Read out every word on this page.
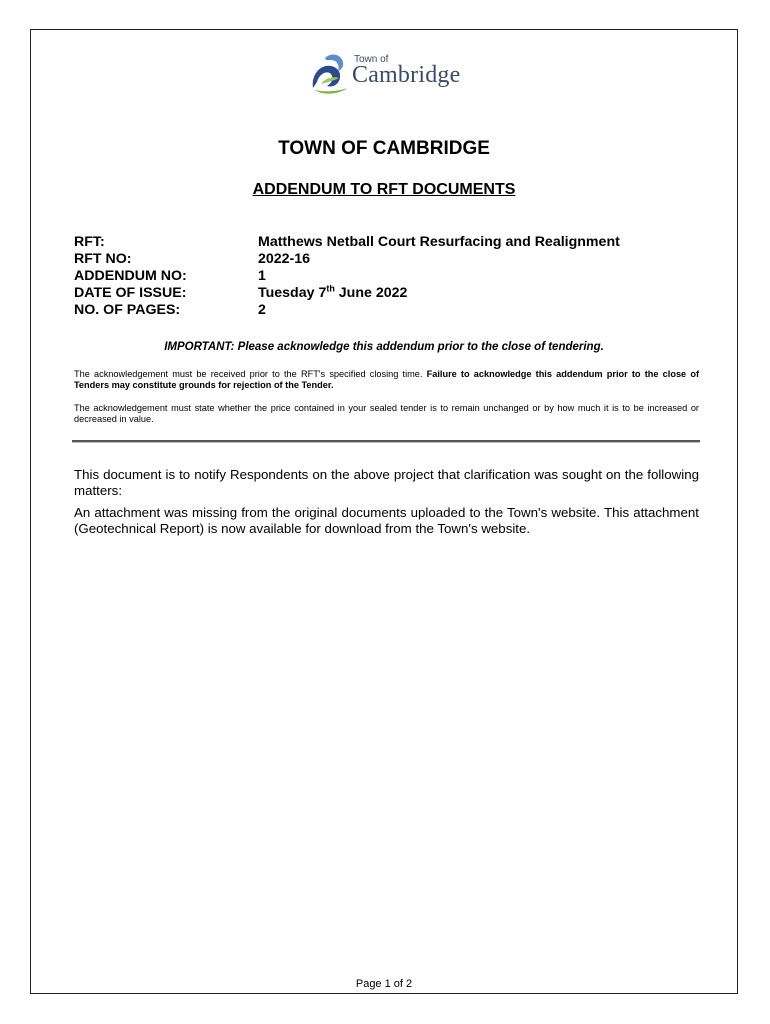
Town of
Cambridge
TOWN OF CAMBRIDGE
ADDENDUM TO RFT DOCUMENTS
RFT:	Matthews Netball Court Resurfacing and Realignment
RFT NO:	2022-16
ADDENDUM NO:	1
DATE OF ISSUE:	Tuesday 7th June 2022
NO. OF PAGES:	2
IMPORTANT: Please acknowledge this addendum prior to the close of tendering.
The acknowledgement must be received prior to the RFT's specified closing time. Failure to acknowledge this addendum prior to the close of Tenders may constitute grounds for rejection of the Tender.
The acknowledgement must state whether the price contained in your sealed tender is to remain unchanged or by how much it is to be increased or decreased in value.
This document is to notify Respondents on the above project that clarification was sought on the following matters:
An attachment was missing from the original documents uploaded to the Town's website. This attachment (Geotechnical Report) is now available for download from the Town's website.
Page 1 of 2
